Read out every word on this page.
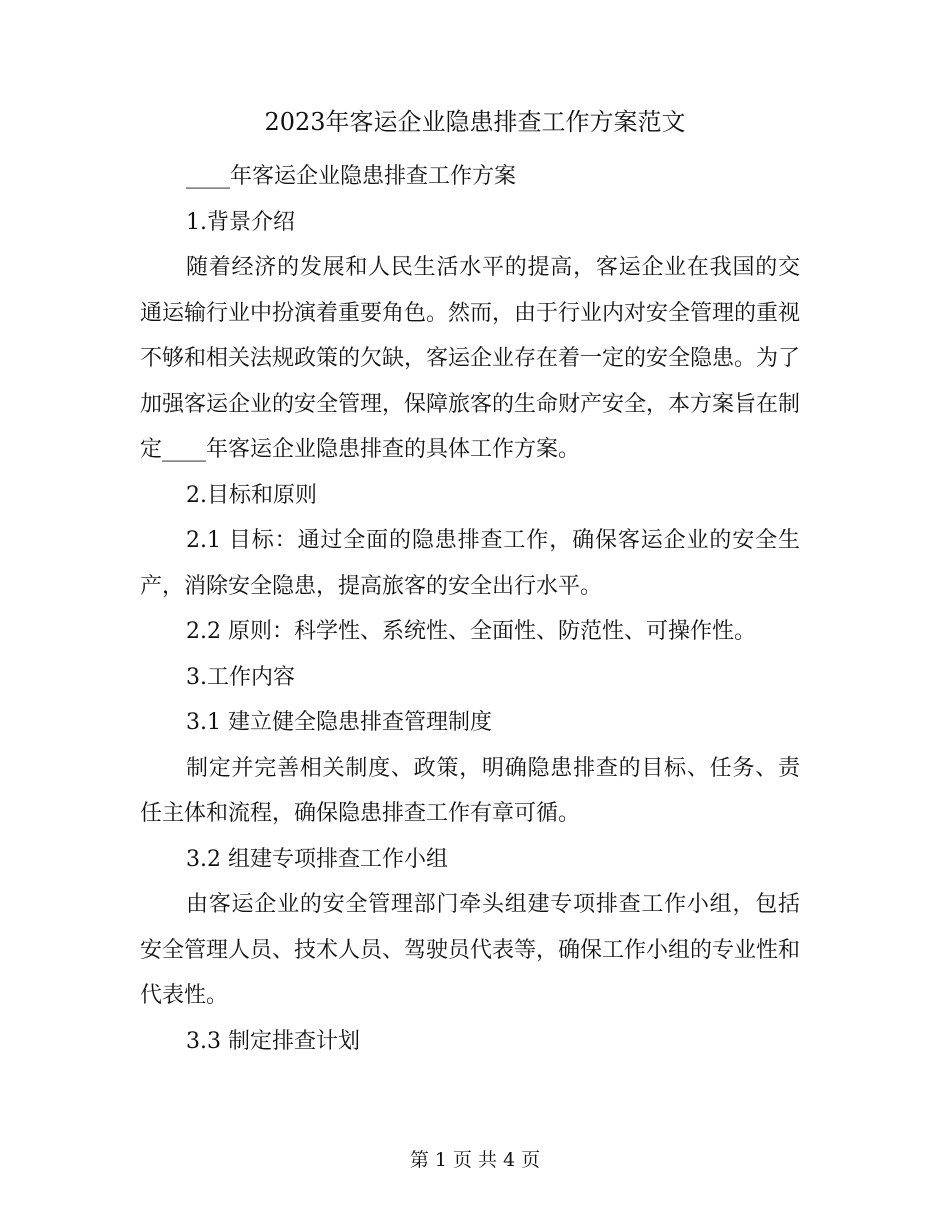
2023年客运企业隐患排查工作方案范文

____年客运企业隐患排查工作方案

1.背景介绍

随着经济的发展和人民生活水平的提高，客运企业在我国的交通运输行业中扮演着重要角色。然而，由于行业内对安全管理的重视不够和相关法规政策的欠缺，客运企业存在着一定的安全隐患。为了加强客运企业的安全管理，保障旅客的生命财产安全，本方案旨在制定____年客运企业隐患排查的具体工作方案。

2.目标和原则

2.1 目标：通过全面的隐患排查工作，确保客运企业的安全生产，消除安全隐患，提高旅客的安全出行水平。

2.2 原则：科学性、系统性、全面性、防范性、可操作性。

3.工作内容

3.1 建立健全隐患排查管理制度

制定并完善相关制度、政策，明确隐患排查的目标、任务、责任主体和流程，确保隐患排查工作有章可循。

3.2 组建专项排查工作小组

由客运企业的安全管理部门牵头组建专项排查工作小组，包括安全管理人员、技术人员、驾驶员代表等，确保工作小组的专业性和代表性。

3.3 制定排查计划

第 1 页 共 4 页
